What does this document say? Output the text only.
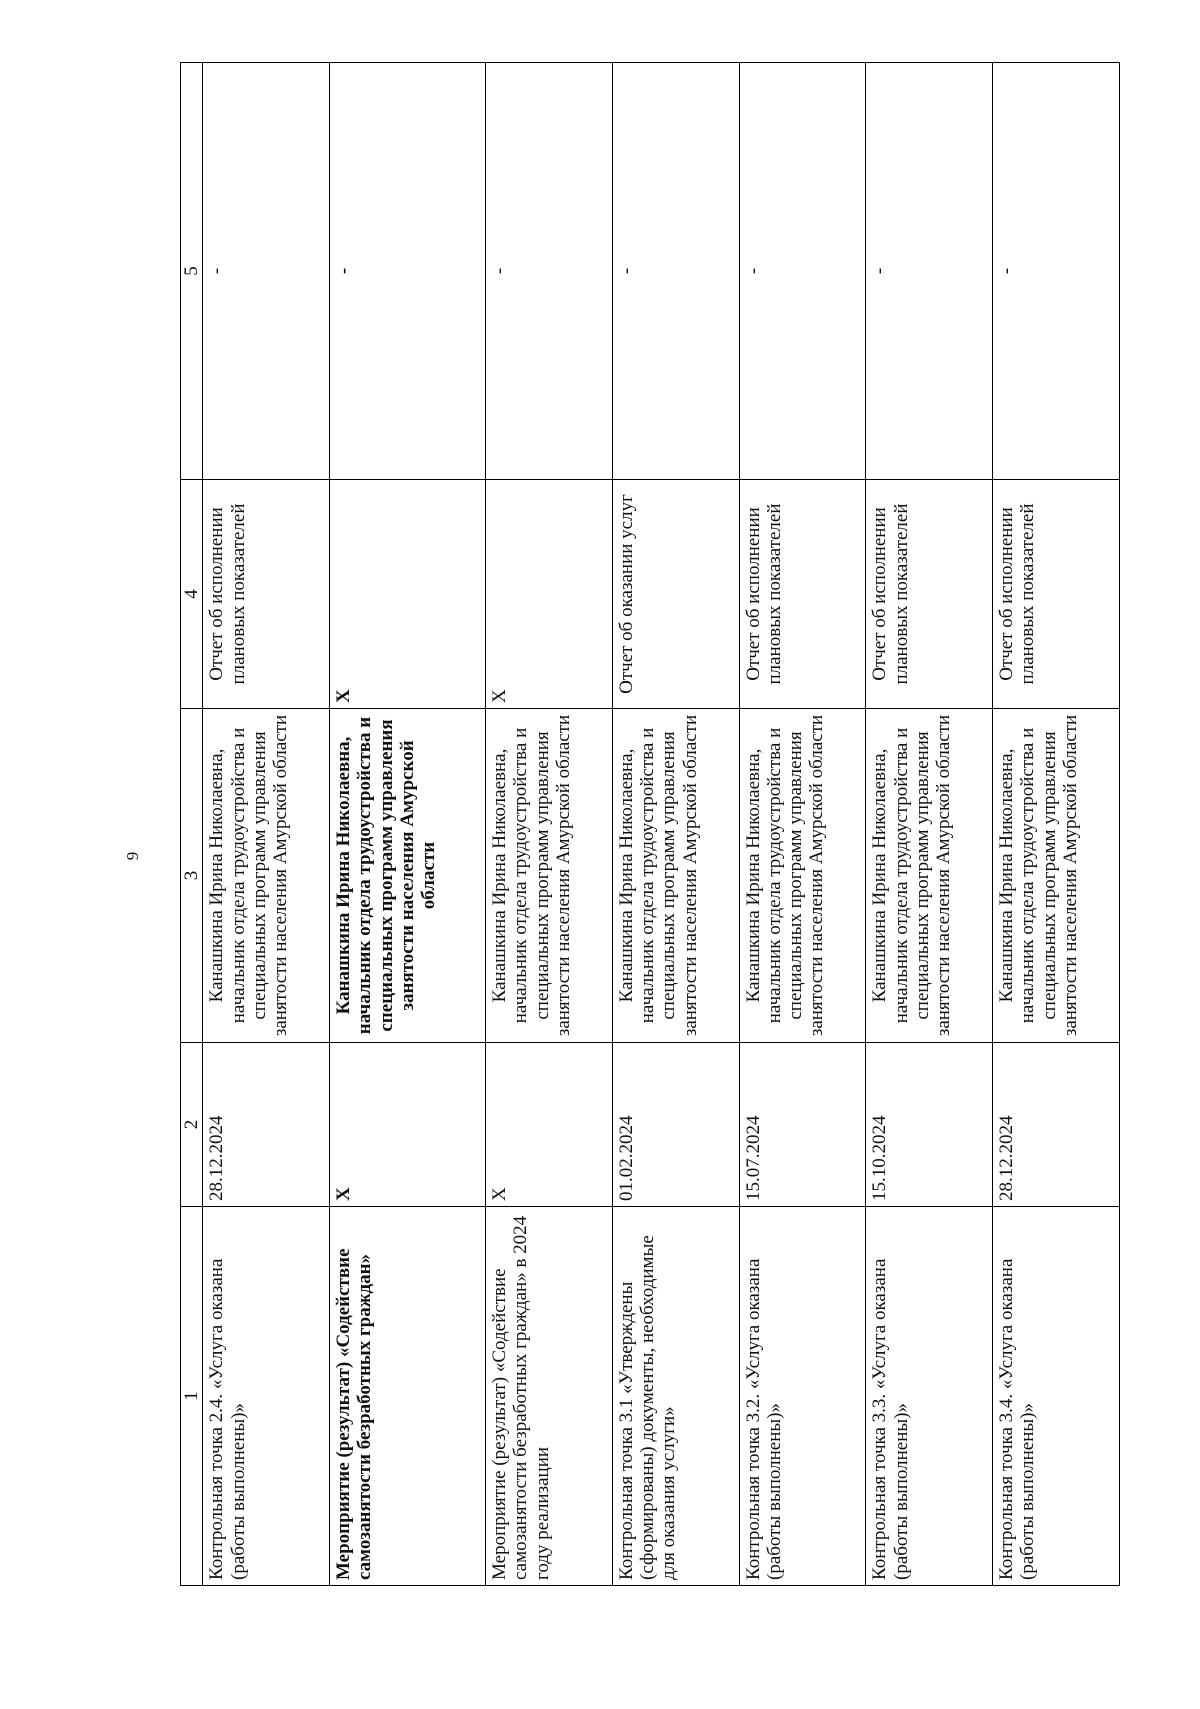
9
1	2	3	4	5
Контрольная точка 2.4. «Услуга оказана (работы выполнены)»	28.12.2024	Канашкина Ирина Николаевна, начальник отдела трудоустройства и специальных программ управления занятости населения Амурской области	Отчет об исполнении плановых показателей	-
Мероприятие (результат) «Содействие самозанятости безработных граждан»	X	Канашкина Ирина Николаевна, начальник отдела трудоустройства и специальных программ управления занятости населения Амурской области	X	-
Мероприятие (результат) «Содействие самозанятости безработных граждан» в 2024 году реализации	X	Канашкина Ирина Николаевна, начальник отдела трудоустройства и специальных программ управления занятости населения Амурской области	X	-
Контрольная точка 3.1 «Утверждены (сформированы) документы, необходимые для оказания услуги»	01.02.2024	Канашкина Ирина Николаевна, начальник отдела трудоустройства и специальных программ управления занятости населения Амурской области	Отчет об оказании услуг	-
Контрольная точка 3.2. «Услуга оказана (работы выполнены)»	15.07.2024	Канашкина Ирина Николаевна, начальник отдела трудоустройства и специальных программ управления занятости населения Амурской области	Отчет об исполнении плановых показателей	-
Контрольная точка 3.3. «Услуга оказана (работы выполнены)»	15.10.2024	Канашкина Ирина Николаевна, начальник отдела трудоустройства и специальных программ управления занятости населения Амурской области	Отчет об исполнении плановых показателей	-
Контрольная точка 3.4. «Услуга оказана (работы выполнены)»	28.12.2024	Канашкина Ирина Николаевна, начальник отдела трудоустройства и специальных программ управления занятости населения Амурской области	Отчет об исполнении плановых показателей	-
